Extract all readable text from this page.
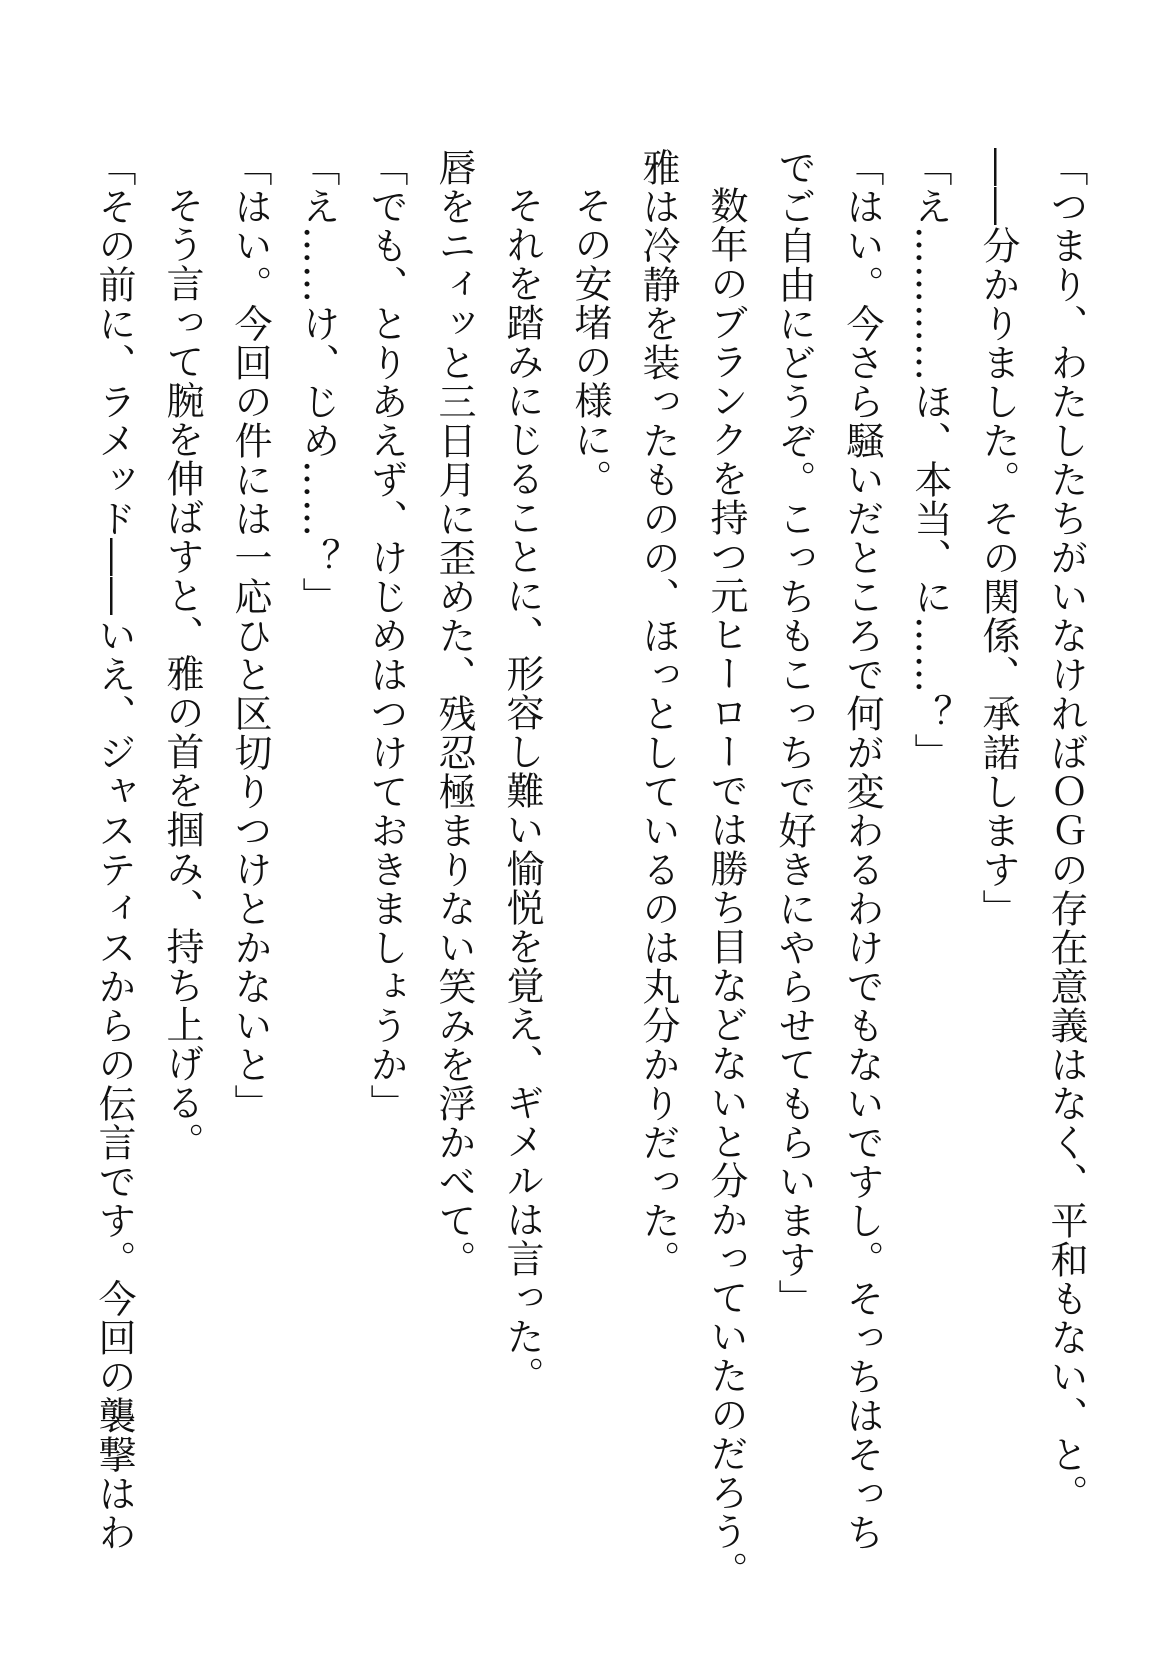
「つまり、わたしたちがいなければＯＧの存在意義はなく、平和もない、と。
――分かりました。その関係、承諾します」
「え…………ほ、本当、に……？」
「はい。今さら騒いだところで何が変わるわけでもないですし。そっちはそっち
でご自由にどうぞ。こっちもこっちで好きにやらせてもらいます」
数年のブランクを持つ元ヒーローでは勝ち目などないと分かっていたのだろう。
雅は冷静を装ったものの、ほっとしているのは丸分かりだった。
その安堵の様に。
それを踏みにじることに、形容し難い愉悦を覚え、ギメルは言った。
唇をニィッと三日月に歪めた、残忍極まりない笑みを浮かべて。
「でも、とりあえず、けじめはつけておきましょうか」
「え……け、じめ……？」
「はい。今回の件には一応ひと区切りつけとかないと」
そう言って腕を伸ばすと、雅の首を掴み、持ち上げる。
「その前に、ラメッド――いえ、ジャスティスからの伝言です。今回の襲撃はわ
